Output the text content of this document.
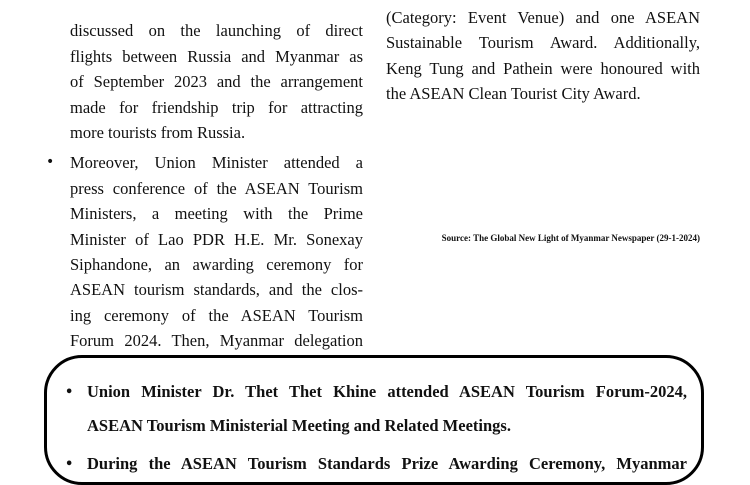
discussed on the launching of direct
flights between Russia and Myanmar as
of September 2023 and the arrangement
made for friendship trip for attracting
more tourists from Russia.
• Moreover, Union Minister attended a
press conference of the ASEAN Tourism
Ministers, a meeting with the Prime
Minister of Lao PDR H.E. Mr. Sonexay
Siphandone, an awarding ceremony for
ASEAN tourism standards, and the clos-
ing ceremony of the ASEAN Tourism
Forum 2024. Then, Myanmar delegation
(Category: Event Venue) and one ASEAN
Sustainable Tourism Award. Additionally,
Keng Tung and Pathein were honoured with
the ASEAN Clean Tourist City Award.
Source: The Global New Light of Myanmar Newspaper (29-1-2024)
• Union Minister Dr. Thet Thet Khine attended ASEAN Tourism Forum-2024,
ASEAN Tourism Ministerial Meeting and Related Meetings.
• During the ASEAN Tourism Standards Prize Awarding Ceremony, Myanmar
